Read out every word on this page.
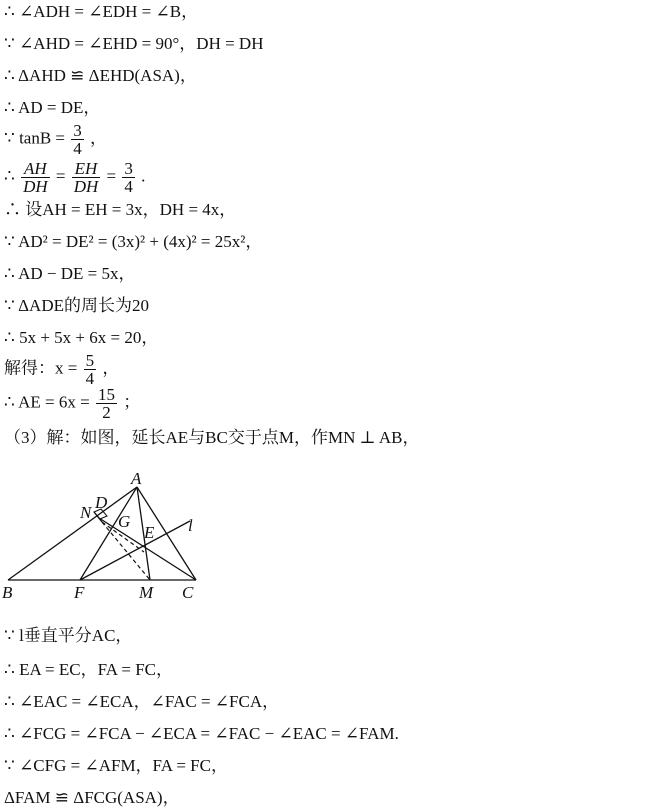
∴ ∠ADH = ∠EDH = ∠B，
∵ ∠AHD = ∠EHD = 90°，DH = DH
∴ ΔAHD ≌ ΔEHD(ASA)，
∴ AD = DE，
∵ $\tan B = \frac{3}{4}$ ，
∴ $\frac{AH}{DH} = \frac{EH}{DH} = \frac{3}{4}$ .
∴ 设AH = EH = 3x，DH = 4x，
∵ AD² = DE² = (3x)² + (4x)² = 25x²，
∴ AD − DE = 5x，
∵ ΔADE的周长为20
∴ 5x + 5x + 6x = 20，
解得：$x = \frac{5}{4}$ ，
∴ AE = $6x = \frac{15}{2}$ ；
（3）解：如图，延长AE与BC交于点M，作MN ⊥ AB，
A
B	C
D
E
F
G
M
N
l
∵ l垂直平分AC，
∴ EA = EC，FA = FC，
∴ ∠EAC = ∠ECA，∠FAC = ∠FCA，
∴ ∠FCG = ∠FCA − ∠ECA = ∠FAC − ∠EAC = ∠FAM.
∵ ∠CFG = ∠AFM，FA = FC，
ΔFAM ≌ ΔFCG(ASA)，
